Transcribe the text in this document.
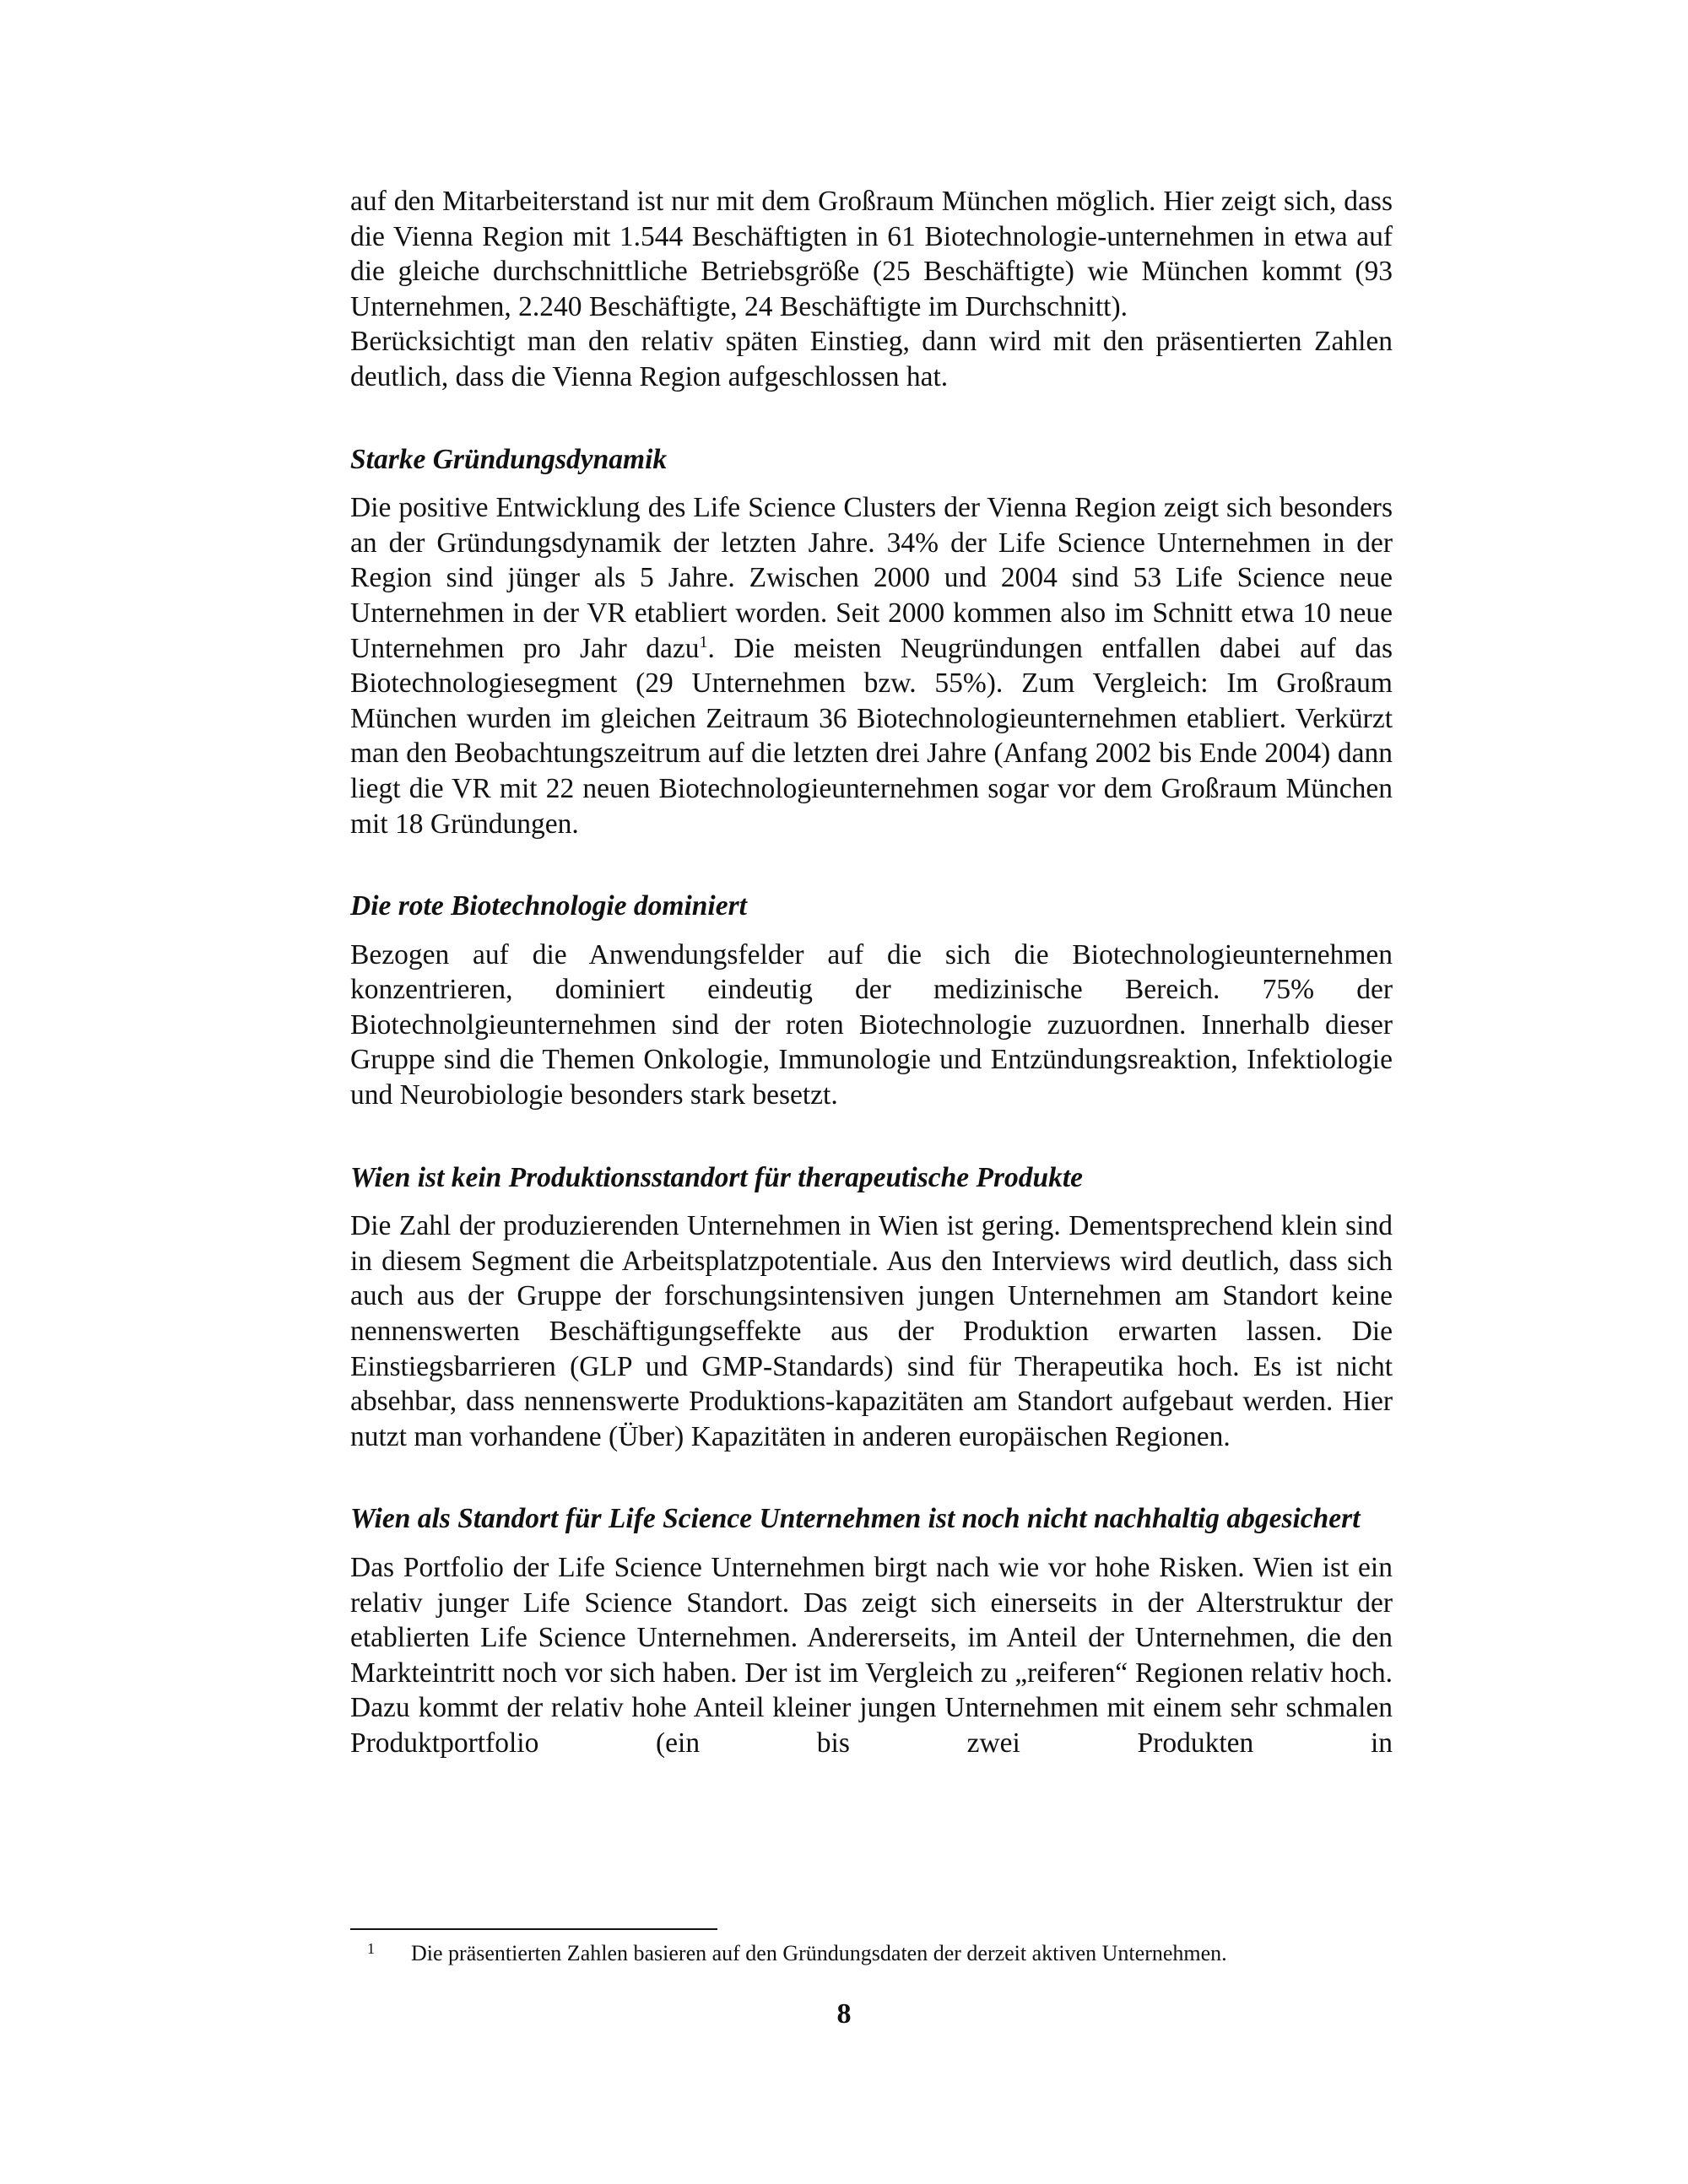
auf den Mitarbeiterstand ist nur mit dem Großraum München möglich. Hier zeigt sich, dass die Vienna Region mit 1.544 Beschäftigten in 61 Biotechnologie-unternehmen in etwa auf die gleiche durchschnittliche Betriebsgröße (25 Beschäftigte) wie München kommt (93 Unternehmen, 2.240 Beschäftigte, 24 Beschäftigte im Durchschnitt).

Berücksichtigt man den relativ späten Einstieg, dann wird mit den präsentierten Zahlen deutlich, dass die Vienna Region aufgeschlossen hat.

Starke Gründungsdynamik

Die positive Entwicklung des Life Science Clusters der Vienna Region zeigt sich besonders an der Gründungsdynamik der letzten Jahre. 34% der Life Science Unternehmen in der Region sind jünger als 5 Jahre. Zwischen 2000 und 2004 sind 53 Life Science neue Unternehmen in der VR etabliert worden. Seit 2000 kommen also im Schnitt etwa 10 neue Unternehmen pro Jahr dazu$^1$. Die meisten Neugründungen entfallen dabei auf das Biotechnologiesegment (29 Unternehmen bzw. 55%). Zum Vergleich: Im Großraum München wurden im gleichen Zeitraum 36 Biotechnologieunternehmen etabliert. Verkürzt man den Beobachtungszeitrum auf die letzten drei Jahre (Anfang 2002 bis Ende 2004) dann liegt die VR mit 22 neuen Biotechnologieunternehmen sogar vor dem Großraum München mit 18 Gründungen.

Die rote Biotechnologie dominiert

Bezogen auf die Anwendungsfelder auf die sich die Biotechnologieunternehmen konzentrieren, dominiert eindeutig der medizinische Bereich. 75% der Biotechnolgieunternehmen sind der roten Biotechnologie zuzuordnen. Innerhalb dieser Gruppe sind die Themen Onkologie, Immunologie und Entzündungsreaktion, Infektiologie und Neurobiologie besonders stark besetzt.

Wien ist kein Produktionsstandort für therapeutische Produkte

Die Zahl der produzierenden Unternehmen in Wien ist gering. Dementsprechend klein sind in diesem Segment die Arbeitsplatzpotentiale. Aus den Interviews wird deutlich, dass sich auch aus der Gruppe der forschungsintensiven jungen Unternehmen am Standort keine nennenswerten Beschäftigungseffekte aus der Produktion erwarten lassen. Die Einstiegsbarrieren (GLP und GMP-Standards) sind für Therapeutika hoch. Es ist nicht absehbar, dass nennenswerte Produktions-kapazitäten am Standort aufgebaut werden. Hier nutzt man vorhandene (Über) Kapazitäten in anderen europäischen Regionen.

Wien als Standort für Life Science Unternehmen ist noch nicht nachhaltig abgesichert

Das Portfolio der Life Science Unternehmen birgt nach wie vor hohe Risken. Wien ist ein relativ junger Life Science Standort. Das zeigt sich einerseits in der Alterstruktur der etablierten Life Science Unternehmen. Andererseits, im Anteil der Unternehmen, die den Markteintritt noch vor sich haben. Der ist im Vergleich zu „reiferen“ Regionen relativ hoch. Dazu kommt der relativ hohe Anteil kleiner jungen Unternehmen mit einem sehr schmalen Produktportfolio (ein bis zwei Produkten in

1 Die präsentierten Zahlen basieren auf den Gründungsdaten der derzeit aktiven Unternehmen.
8
